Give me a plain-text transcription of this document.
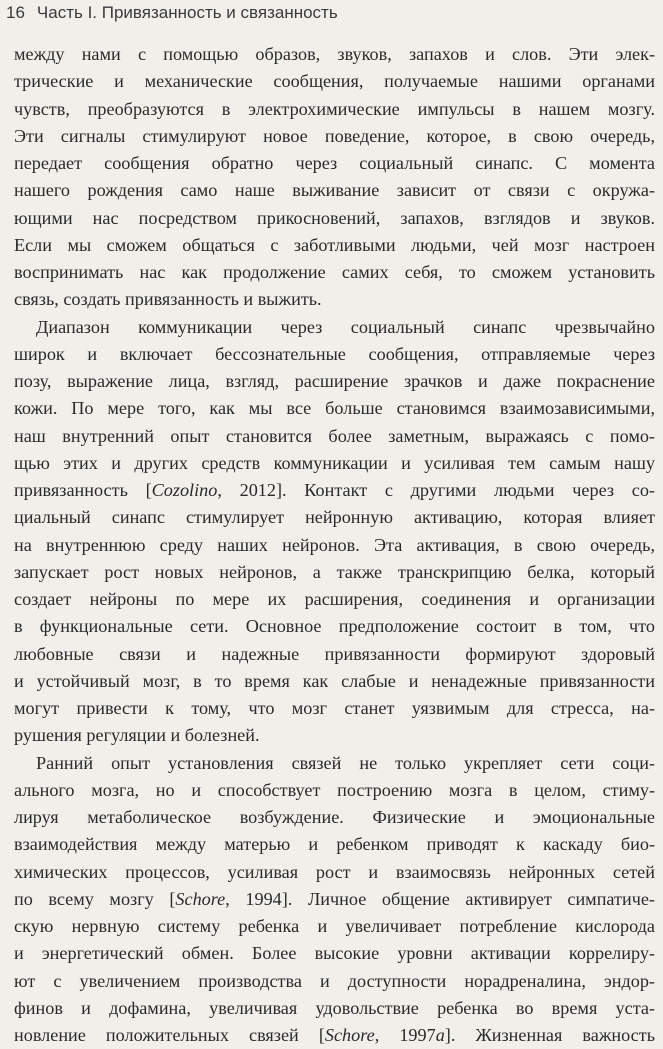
16 Часть I. Привязанность и связанность
между нами с помощью образов, звуков, запахов и слов. Эти элек-
трические и механические сообщения, получаемые нашими органами
чувств, преобразуются в электрохимические импульсы в нашем мозгу.
Эти сигналы стимулируют новое поведение, которое, в свою очередь,
передает сообщения обратно через социальный синапс. С момента
нашего рождения само наше выживание зависит от связи с окружа-
ющими нас посредством прикосновений, запахов, взглядов и звуков.
Если мы сможем общаться с заботливыми людьми, чей мозг настроен
воспринимать нас как продолжение самих себя, то сможем установить
связь, создать привязанность и выжить.
Диапазон коммуникации через социальный синапс чрезвычайно
широк и включает бессознательные сообщения, отправляемые через
позу, выражение лица, взгляд, расширение зрачков и даже покраснение
кожи. По мере того, как мы все больше становимся взаимозависимыми,
наш внутренний опыт становится более заметным, выражаясь с помо-
щью этих и других средств коммуникации и усиливая тем самым нашу
привязанность [Cozolino, 2012]. Контакт с другими людьми через со-
циальный синапс стимулирует нейронную активацию, которая влияет
на внутреннюю среду наших нейронов. Эта активация, в свою очередь,
запускает рост новых нейронов, а также транскрипцию белка, который
создает нейроны по мере их расширения, соединения и организации
в функциональные сети. Основное предположение состоит в том, что
любовные связи и надежные привязанности формируют здоровый
и устойчивый мозг, в то время как слабые и ненадежные привязанности
могут привести к тому, что мозг станет уязвимым для стресса, на-
рушения регуляции и болезней.
Ранний опыт установления связей не только укрепляет сети соци-
ального мозга, но и способствует построению мозга в целом, стиму-
лируя метаболическое возбуждение. Физические и эмоциональные
взаимодействия между матерью и ребенком приводят к каскаду био-
химических процессов, усиливая рост и взаимосвязь нейронных сетей
по всему мозгу [Schore, 1994]. Личное общение активирует симпатиче-
скую нервную систему ребенка и увеличивает потребление кислорода
и энергетический обмен. Более высокие уровни активации коррелиру-
ют с увеличением производства и доступности норадреналина, эндор-
финов и дофамина, увеличивая удовольствие ребенка во время уста-
новление положительных связей [Schore, 1997a]. Жизненная важность
